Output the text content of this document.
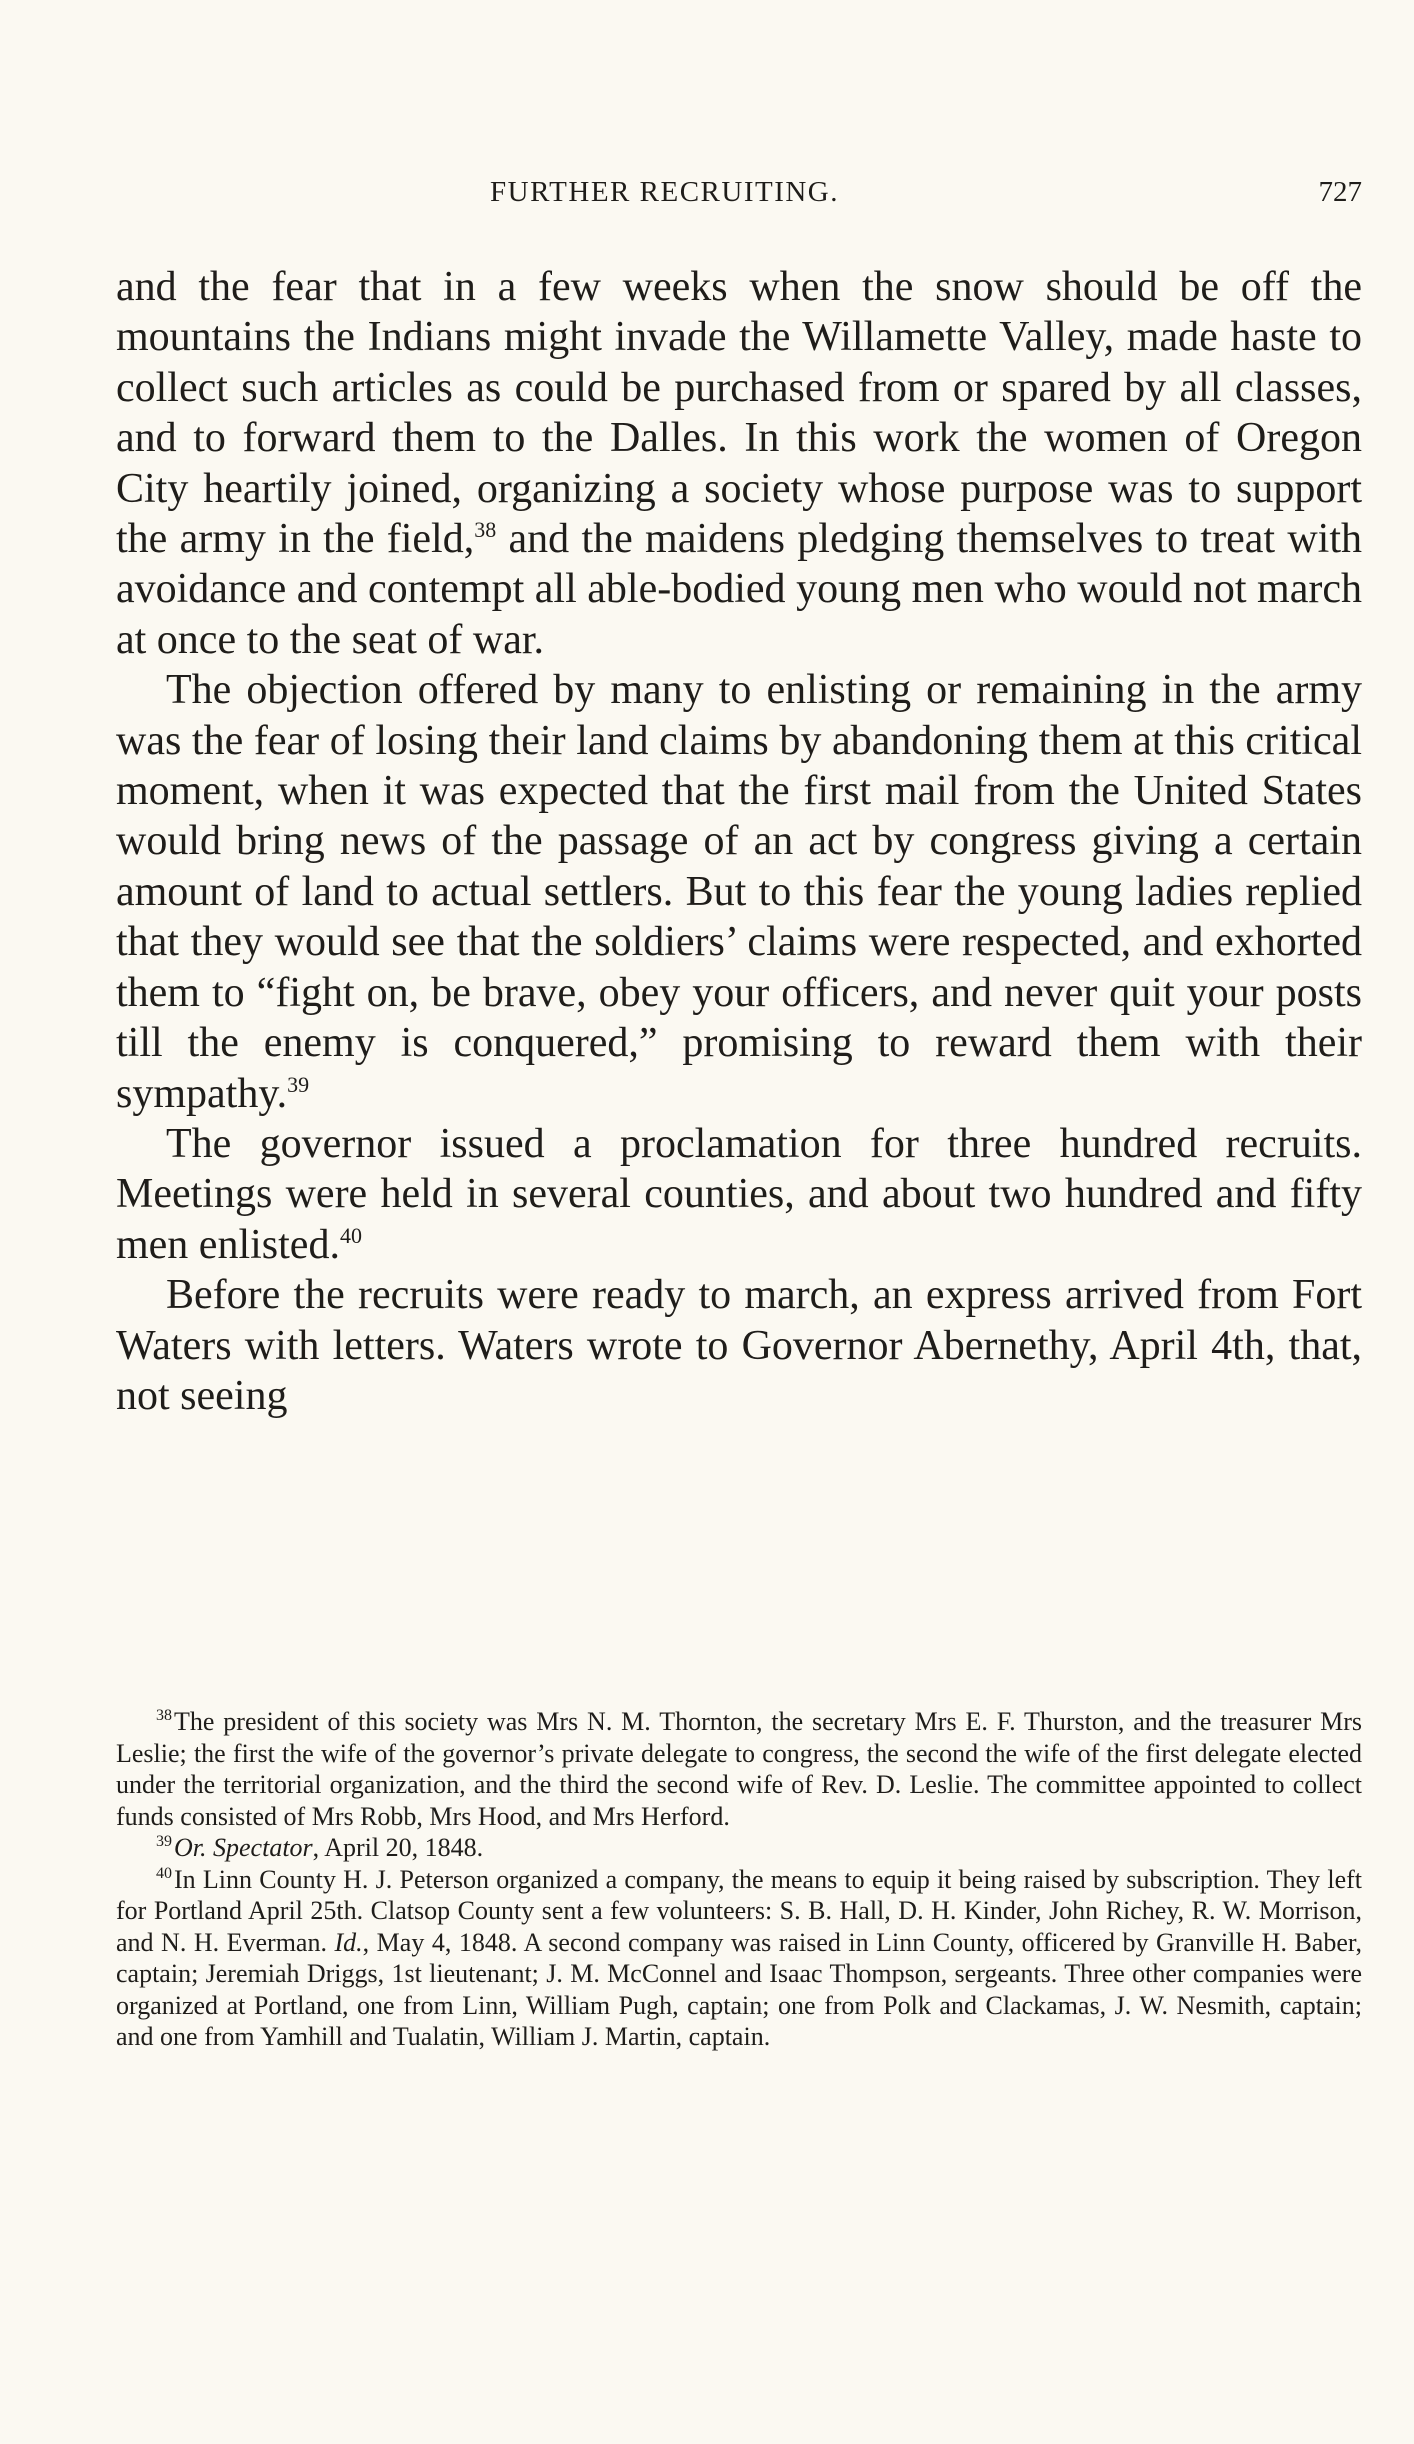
FURTHER RECRUITING.	727

and the fear that in a few weeks when the snow should be off the mountains the Indians might invade the Willamette Valley, made haste to collect such articles as could be purchased from or spared by all classes, and to forward them to the Dalles. In this work the women of Oregon City heartily joined, organizing a society whose purpose was to support the army in the field,$^{38}$ and the maidens pledging themselves to treat with avoidance and contempt all able-bodied young men who would not march at once to the seat of war.

The objection offered by many to enlisting or remaining in the army was the fear of losing their land claims by abandoning them at this critical moment, when it was expected that the first mail from the United States would bring news of the passage of an act by congress giving a certain amount of land to actual settlers. But to this fear the young ladies replied that they would see that the soldiers’ claims were respected, and exhorted them to “fight on, be brave, obey your officers, and never quit your posts till the enemy is conquered,” promising to reward them with their sympathy.$^{39}$

The governor issued a proclamation for three hundred recruits. Meetings were held in several counties, and about two hundred and fifty men enlisted.$^{40}$

Before the recruits were ready to march, an express arrived from Fort Waters with letters. Waters wrote to Governor Abernethy, April 4th, that, not seeing

$^{38}$The president of this society was Mrs N. M. Thornton, the secretary Mrs E. F. Thurston, and the treasurer Mrs Leslie; the first the wife of the governor’s private delegate to congress, the second the wife of the first delegate elected under the territorial organization, and the third the second wife of Rev. D. Leslie. The committee appointed to collect funds consisted of Mrs Robb, Mrs Hood, and Mrs Herford.

$^{39}$Or. Spectator, April 20, 1848.

$^{40}$In Linn County H. J. Peterson organized a company, the means to equip it being raised by subscription. They left for Portland April 25th. Clatsop County sent a few volunteers: S. B. Hall, D. H. Kinder, John Richey, R. W. Morrison, and N. H. Everman. Id., May 4, 1848. A second company was raised in Linn County, officered by Granville H. Baber, captain; Jeremiah Driggs, 1st lieutenant; J. M. McConnel and Isaac Thompson, sergeants. Three other companies were organized at Portland, one from Linn, William Pugh, captain; one from Polk and Clackamas, J. W. Nesmith, captain; and one from Yamhill and Tualatin, William J. Martin, captain.
